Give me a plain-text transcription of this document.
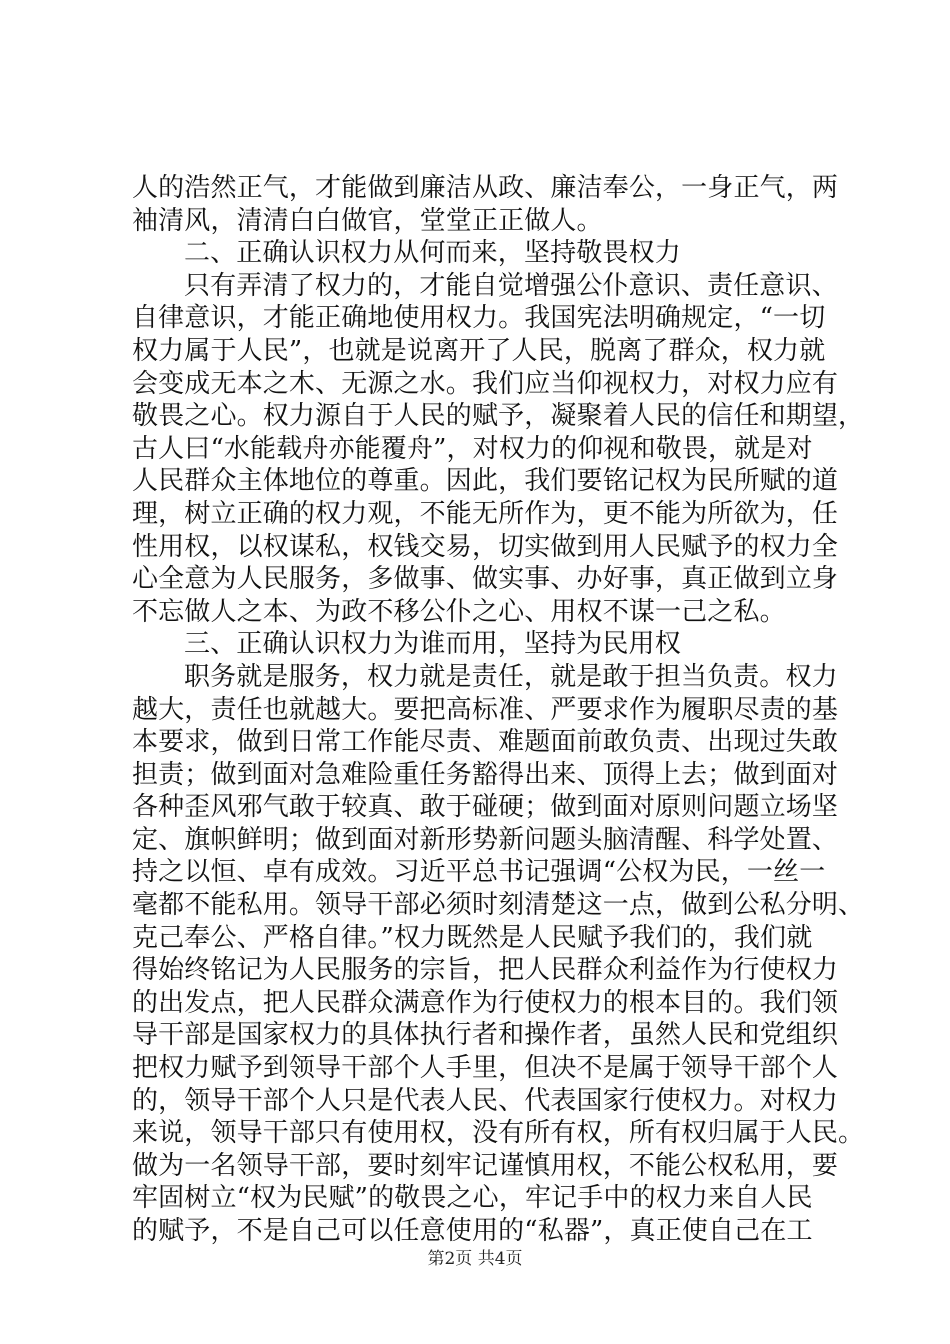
人的浩然正气，才能做到廉洁从政、廉洁奉公，一身正气，两
袖清风，清清白白做官，堂堂正正做人。
二、正确认识权力从何而来，坚持敬畏权力
只有弄清了权力的，才能自觉增强公仆意识、责任意识、
自律意识，才能正确地使用权力。我国宪法明确规定，“一切
权力属于人民”，也就是说离开了人民，脱离了群众，权力就
会变成无本之木、无源之水。我们应当仰视权力，对权力应有
敬畏之心。权力源自于人民的赋予，凝聚着人民的信任和期望，
古人曰“水能载舟亦能覆舟”，对权力的仰视和敬畏，就是对
人民群众主体地位的尊重。因此，我们要铭记权为民所赋的道
理，树立正确的权力观，不能无所作为，更不能为所欲为，任
性用权，以权谋私，权钱交易，切实做到用人民赋予的权力全
心全意为人民服务，多做事、做实事、办好事，真正做到立身
不忘做人之本、为政不移公仆之心、用权不谋一己之私。
三、正确认识权力为谁而用，坚持为民用权
职务就是服务，权力就是责任，就是敢于担当负责。权力
越大，责任也就越大。要把高标准、严要求作为履职尽责的基
本要求，做到日常工作能尽责、难题面前敢负责、出现过失敢
担责；做到面对急难险重任务豁得出来、顶得上去；做到面对
各种歪风邪气敢于较真、敢于碰硬；做到面对原则问题立场坚
定、旗帜鲜明；做到面对新形势新问题头脑清醒、科学处置、
持之以恒、卓有成效。习近平总书记强调“公权为民，一丝一
毫都不能私用。领导干部必须时刻清楚这一点，做到公私分明、
克己奉公、严格自律。”权力既然是人民赋予我们的，我们就
得始终铭记为人民服务的宗旨，把人民群众利益作为行使权力
的出发点，把人民群众满意作为行使权力的根本目的。我们领
导干部是国家权力的具体执行者和操作者，虽然人民和党组织
把权力赋予到领导干部个人手里，但决不是属于领导干部个人
的，领导干部个人只是代表人民、代表国家行使权力。对权力
来说，领导干部只有使用权，没有所有权，所有权归属于人民。
做为一名领导干部，要时刻牢记谨慎用权，不能公权私用，要
牢固树立“权为民赋”的敬畏之心，牢记手中的权力来自人民
的赋予，不是自己可以任意使用的“私器”，真正使自己在工
第2页 共4页
